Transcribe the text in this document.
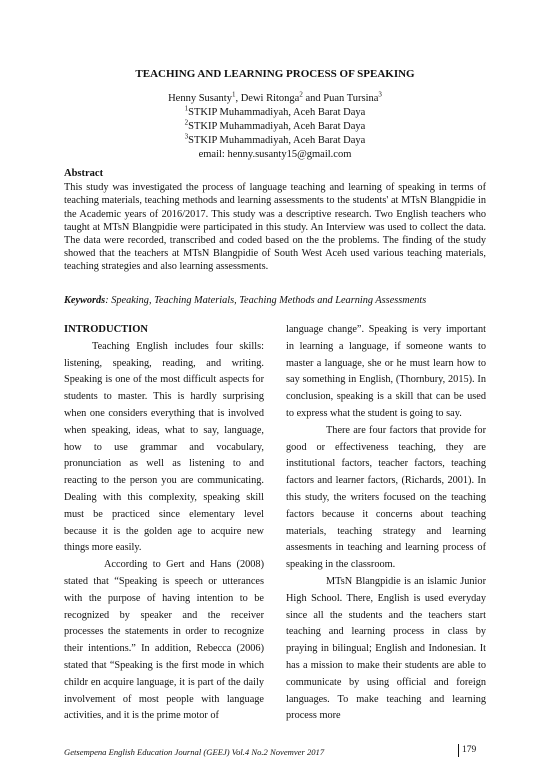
TEACHING AND LEARNING PROCESS OF SPEAKING
Henny Susanty$^1$, Dewi Ritonga$^2$ and Puan Tursina$^3$
$^1$STKIP Muhammadiyah, Aceh Barat Daya
$^2$STKIP Muhammadiyah, Aceh Barat Daya
$^3$STKIP Muhammadiyah, Aceh Barat Daya
email: henny.susanty15@gmail.com
Abstract

This study was investigated the process of language teaching and learning of speaking in terms of teaching materials, teaching methods and learning assessments to the students' at MTsN Blangpidie in the Academic years of 2016/2017. This study was a descriptive research. Two English teachers who taught at MTsN Blangpidie were participated in this study. An Interview was used to collect the data. The data were recorded, transcribed and coded based on the the problems. The finding of the study showed that the teachers at MTsN Blangpidie of South West Aceh used various teaching materials, teaching strategies and also learning assessments.

Keywords: Speaking, Teaching Materials, Teaching Methods and Learning Assessments
INTRODUCTION

Teaching English includes four skills: listening, speaking, reading, and writing. Speaking is one of the most difficult aspects for students to master. This is hardly surprising when one considers everything that is involved when speaking, ideas, what to say, language, how to use grammar and vocabulary, pronunciation as well as listening to and reacting to the person you are communicating. Dealing with this complexity, speaking skill must be practiced since elementary level because it is the golden age to acquire new things more easily.

According to Gert and Hans (2008) stated that “Speaking is speech or utterances with the purpose of having intention to be recognized by speaker and the receiver processes the statements in order to recognize their intentions.” In addition, Rebecca (2006) stated that “Speaking is the first mode in which childr en acquire language, it is part of the daily involvement of most people with language activities, and it is the prime motor of

language change”. Speaking is very important in learning a language, if someone wants to master a language, she or he must learn how to say something in English, (Thornbury, 2015). In conclusion, speaking is a skill that can be used to express what the student is going to say.

There are four factors that provide for good or effectiveness teaching, they are institutional factors, teacher factors, teaching factors and learner factors, (Richards, 2001). In this study, the writers focused on the teaching factors because it concerns about teaching materials, teaching strategy and learning assesments in teaching and learning process of speaking in the classroom.

MTsN Blangpidie is an islamic Junior High School. There, English is used everyday since all the students and the teachers start teaching and learning process in class by praying in bilingual; English and Indonesian. It has a mission to make their students are able to communicate by using official and foreign languages. To make teaching and learning process more

Getsempena English Education Journal (GEEJ) Vol.4 No.2 Novemver 2017	179
